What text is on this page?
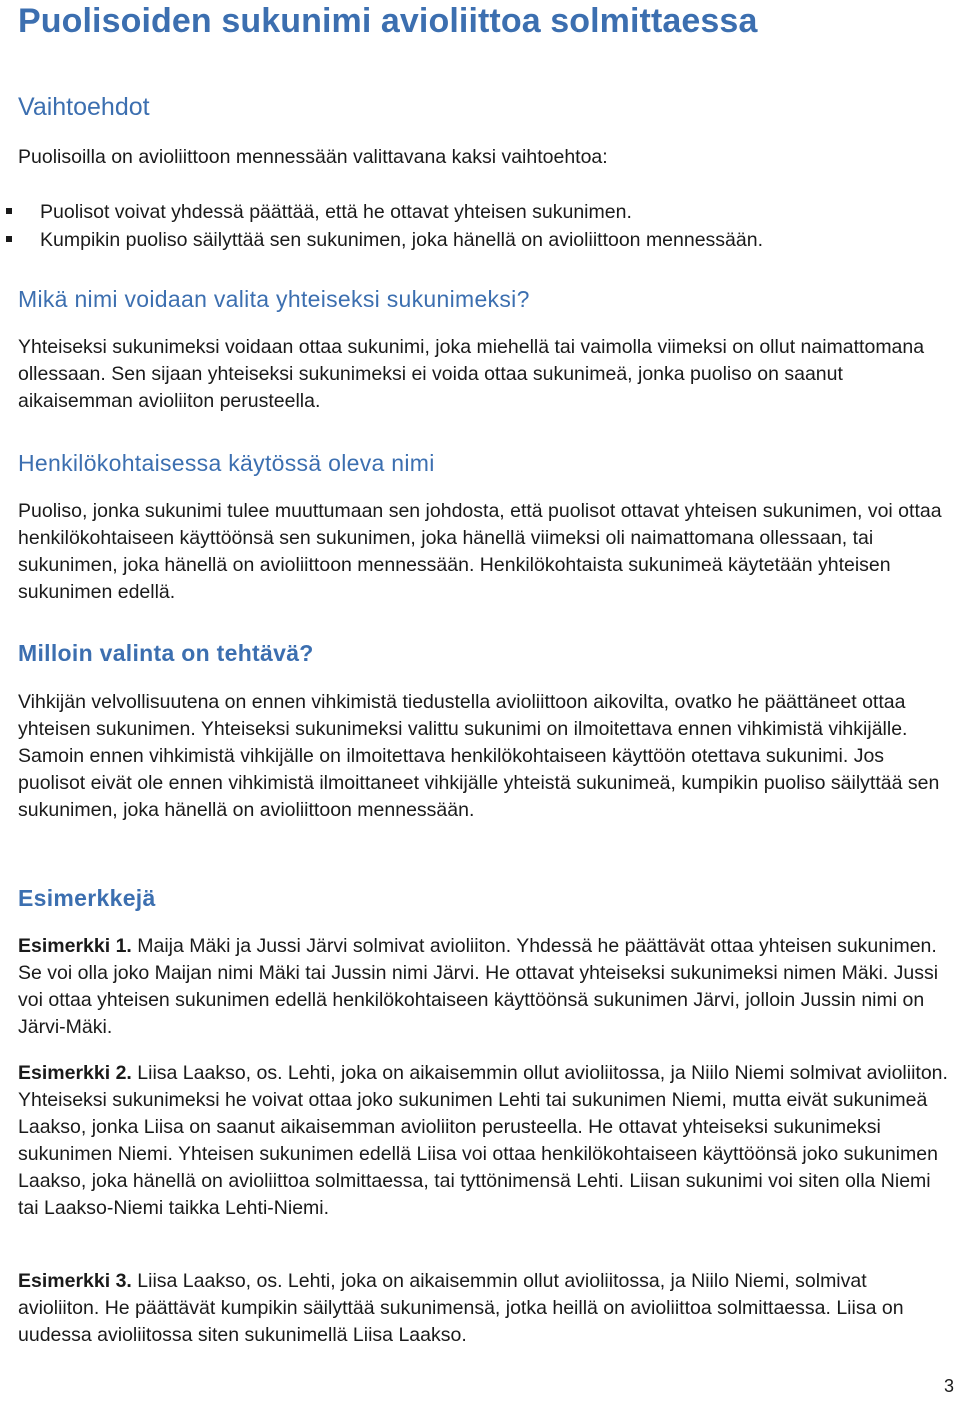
Puolisoiden sukunimi avioliittoa solmittaessa
Vaihtoehdot

Puolisoilla on avioliittoon mennessään valittavana kaksi vaihtoehtoa:

Puolisot voivat yhdessä päättää, että he ottavat yhteisen sukunimen.
Kumpikin puoliso säilyttää sen sukunimen, joka hänellä on avioliittoon mennessään.
Mikä nimi voidaan valita yhteiseksi sukunimeksi?

Yhteiseksi sukunimeksi voidaan ottaa sukunimi, joka miehellä tai vaimolla viimeksi on ollut naimattomana ollessaan. Sen sijaan yhteiseksi sukunimeksi ei voida ottaa sukunimeä, jonka puoliso on saanut aikaisemman avioliiton perusteella.

Henkilökohtaisessa käytössä oleva nimi

Puoliso, jonka sukunimi tulee muuttumaan sen johdosta, että puolisot ottavat yhteisen sukunimen, voi ottaa henkilökohtaiseen käyttöönsä sen sukunimen, joka hänellä viimeksi oli naimattomana ollessaan, tai sukunimen, joka hänellä on avioliittoon mennessään. Henkilökohtaista sukunimeä käytetään yhteisen sukunimen edellä.

Milloin valinta on tehtävä?

Vihkijän velvollisuutena on ennen vihkimistä tiedustella avioliittoon aikovilta, ovatko he päättäneet ottaa yhteisen sukunimen. Yhteiseksi sukunimeksi valittu sukunimi on ilmoitettava ennen vihkimistä vihkijälle. Samoin ennen vihkimistä vihkijälle on ilmoitettava henkilökohtaiseen käyttöön otettava sukunimi. Jos puolisot eivät ole ennen vihkimistä ilmoittaneet vihkijälle yhteistä sukunimeä, kumpikin puoliso säilyttää sen sukunimen, joka hänellä on avioliittoon mennessään.

Esimerkkejä

Esimerkki 1. Maija Mäki ja Jussi Järvi solmivat avioliiton. Yhdessä he päättävät ottaa yhteisen sukunimen. Se voi olla joko Maijan nimi Mäki tai Jussin nimi Järvi. He ottavat yhteiseksi sukunimeksi nimen Mäki. Jussi voi ottaa yhteisen sukunimen edellä henkilökohtaiseen käyttöönsä sukunimen Järvi, jolloin Jussin nimi on Järvi-Mäki.

Esimerkki 2. Liisa Laakso, os. Lehti, joka on aikaisemmin ollut avioliitossa, ja Niilo Niemi solmivat avioliiton. Yhteiseksi sukunimeksi he voivat ottaa joko sukunimen Lehti tai sukunimen Niemi, mutta eivät sukunimeä Laakso, jonka Liisa on saanut aikaisemman avioliiton perusteella. He ottavat yhteiseksi sukunimeksi sukunimen Niemi. Yhteisen sukunimen edellä Liisa voi ottaa henkilökohtaiseen käyttöönsä joko sukunimen Laakso, joka hänellä on avioliittoa solmittaessa, tai tyttönimensä Lehti. Liisan sukunimi voi siten olla Niemi tai Laakso-Niemi taikka Lehti-Niemi.

Esimerkki 3. Liisa Laakso, os. Lehti, joka on aikaisemmin ollut avioliitossa, ja Niilo Niemi, solmivat avioliiton. He päättävät kumpikin säilyttää sukunimensä, jotka heillä on avioliittoa solmittaessa. Liisa on uudessa avioliitossa siten sukunimellä Liisa Laakso.

3
